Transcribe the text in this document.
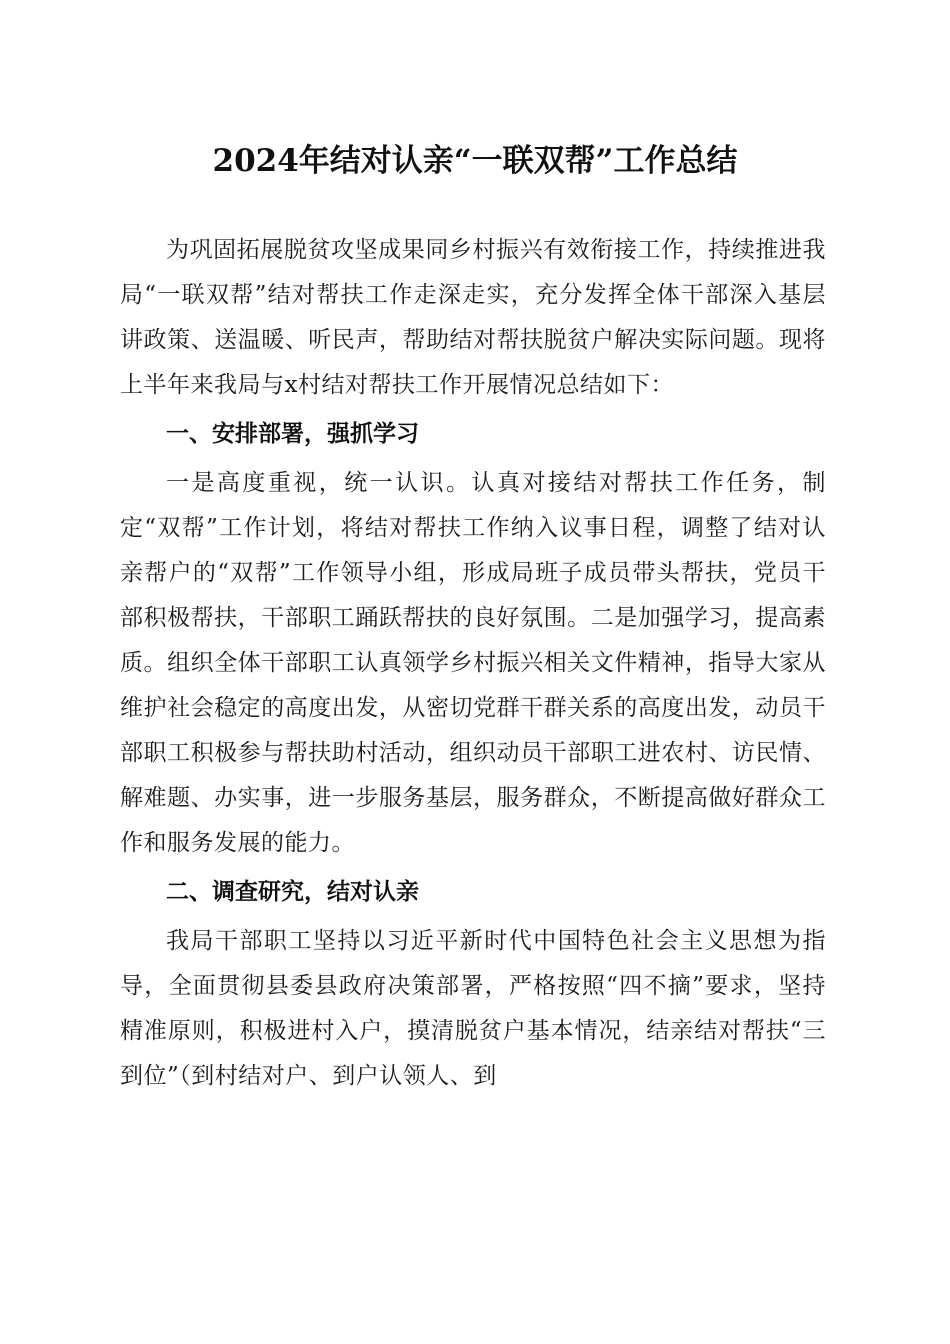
2024年结对认亲“一联双帮”工作总结

为巩固拓展脱贫攻坚成果同乡村振兴有效衔接工作，持续推进我局“一联双帮”结对帮扶工作走深走实，充分发挥全体干部深入基层讲政策、送温暖、听民声，帮助结对帮扶脱贫户解决实际问题。现将上半年来我局与x村结对帮扶工作开展情况总结如下：

一、安排部署，强抓学习

一是高度重视，统一认识。认真对接结对帮扶工作任务，制定“双帮”工作计划，将结对帮扶工作纳入议事日程，调整了结对认亲帮户的“双帮”工作领导小组，形成局班子成员带头帮扶，党员干部积极帮扶，干部职工踊跃帮扶的良好氛围。二是加强学习，提高素质。组织全体干部职工认真领学乡村振兴相关文件精神，指导大家从维护社会稳定的高度出发，从密切党群干群关系的高度出发，动员干部职工积极参与帮扶助村活动，组织动员干部职工进农村、访民情、解难题、办实事，进一步服务基层，服务群众，不断提高做好群众工作和服务发展的能力。

二、调查研究，结对认亲

我局干部职工坚持以习近平新时代中国特色社会主义思想为指导，全面贯彻县委县政府决策部署，严格按照“四不摘”要求，坚持精准原则，积极进村入户，摸清脱贫户基本情况，结亲结对帮扶“三到位”（到村结对户、到户认领人、到
